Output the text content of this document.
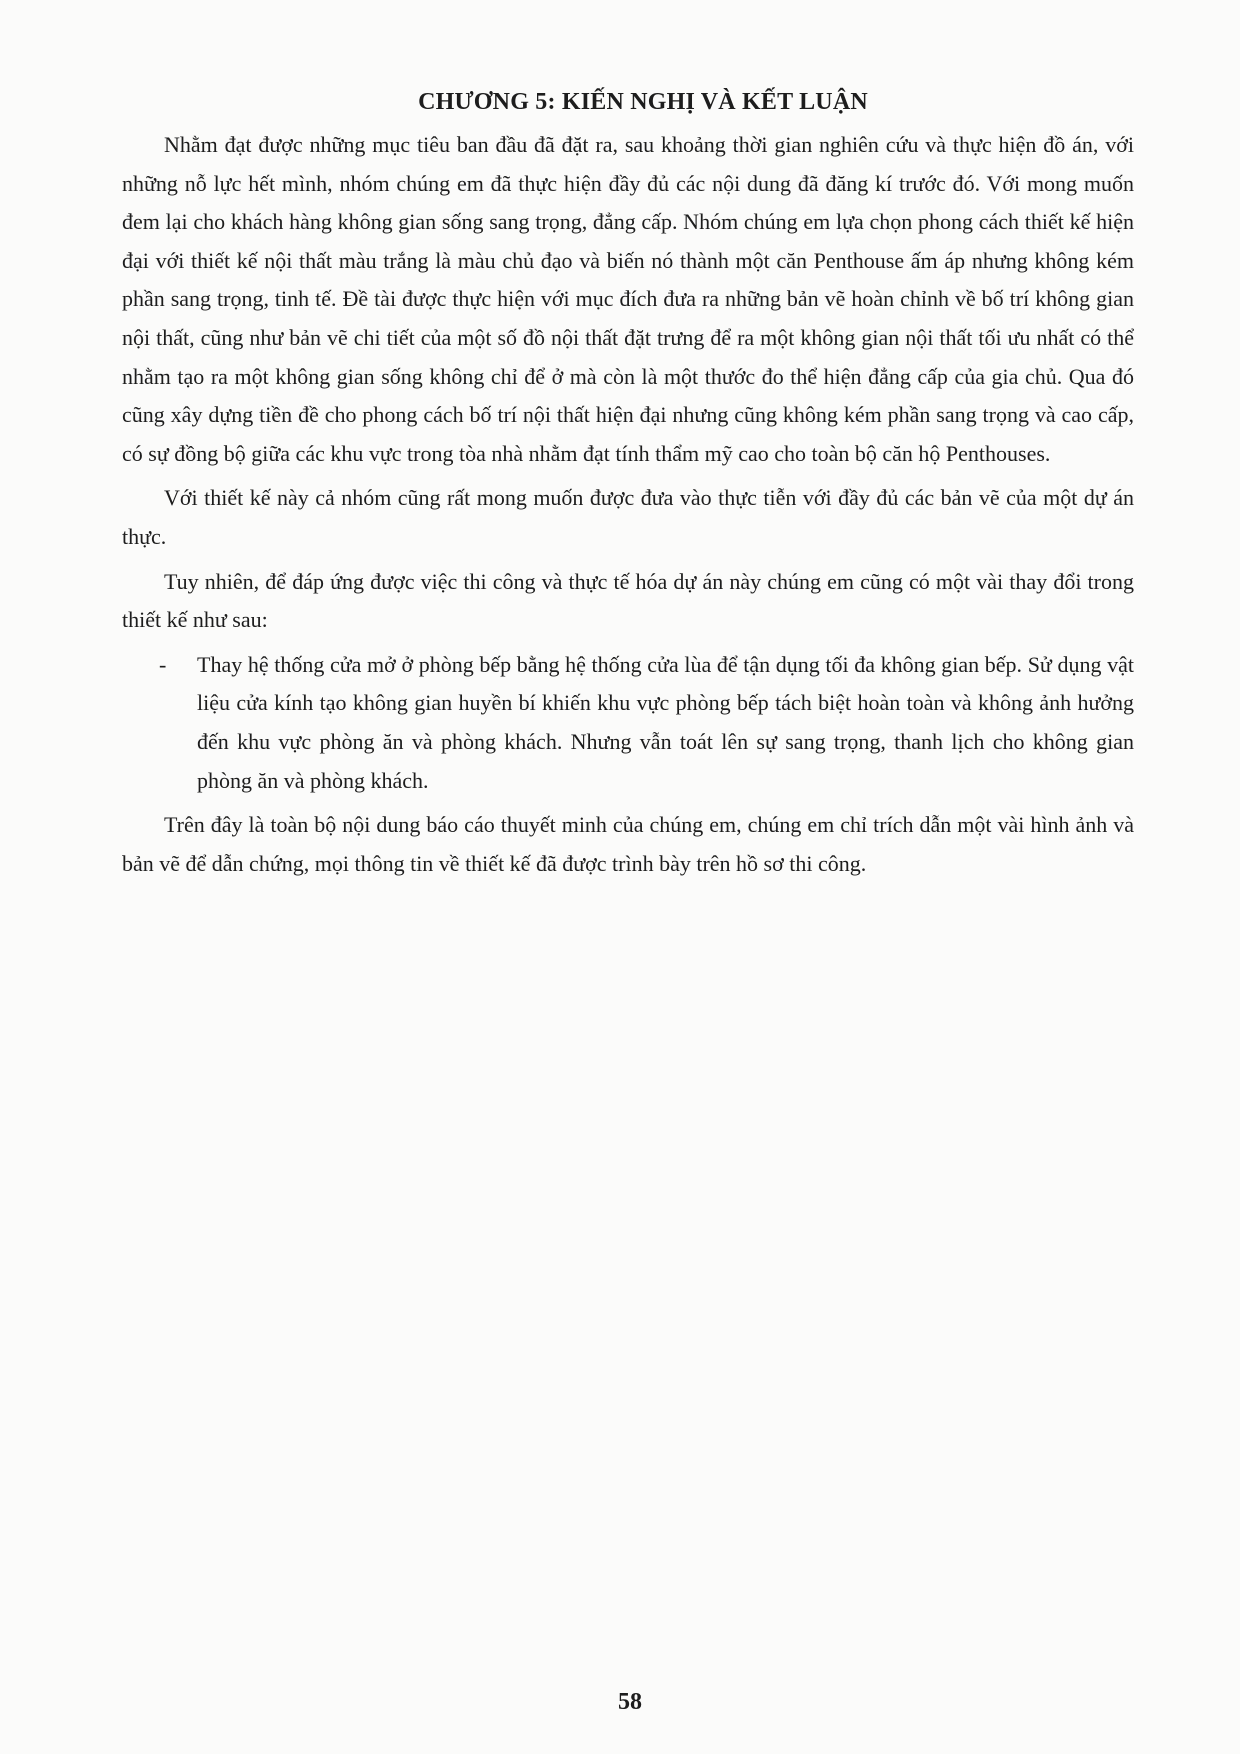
CHƯƠNG 5: KIẾN NGHỊ VÀ KẾT LUẬN

Nhằm đạt được những mục tiêu ban đầu đã đặt ra, sau khoảng thời gian nghiên cứu và thực hiện đồ án, với những nỗ lực hết mình, nhóm chúng em đã thực hiện đầy đủ các nội dung đã đăng kí trước đó. Với mong muốn đem lại cho khách hàng không gian sống sang trọng, đẳng cấp. Nhóm chúng em lựa chọn phong cách thiết kế hiện đại với thiết kế nội thất màu trắng là màu chủ đạo và biến nó thành một căn Penthouse ấm áp nhưng không kém phần sang trọng, tinh tế. Đề tài được thực hiện với mục đích đưa ra những bản vẽ hoàn chỉnh về bố trí không gian nội thất, cũng như bản vẽ chi tiết của một số đồ nội thất đặt trưng để ra một không gian nội thất tối ưu nhất có thể nhằm tạo ra một không gian sống không chỉ để ở mà còn là một thước đo thể hiện đẳng cấp của gia chủ. Qua đó cũng xây dựng tiền đề cho phong cách bố trí nội thất hiện đại nhưng cũng không kém phần sang trọng và cao cấp, có sự đồng bộ giữa các khu vực trong tòa nhà nhằm đạt tính thẩm mỹ cao cho toàn bộ căn hộ Penthouses.

Với thiết kế này cả nhóm cũng rất mong muốn được đưa vào thực tiễn với đầy đủ các bản vẽ của một dự án thực.

Tuy nhiên, để đáp ứng được việc thi công và thực tế hóa dự án này chúng em cũng có một vài thay đổi trong thiết kế như sau:

- Thay hệ thống cửa mở ở phòng bếp bằng hệ thống cửa lùa để tận dụng tối đa không gian bếp. Sử dụng vật liệu cửa kính tạo không gian huyền bí khiến khu vực phòng bếp tách biệt hoàn toàn và không ảnh hưởng đến khu vực phòng ăn và phòng khách. Nhưng vẫn toát lên sự sang trọng, thanh lịch cho không gian phòng ăn và phòng khách.

Trên đây là toàn bộ nội dung báo cáo thuyết minh của chúng em, chúng em chỉ trích dẫn một vài hình ảnh và bản vẽ để dẫn chứng, mọi thông tin về thiết kế đã được trình bày trên hồ sơ thi công.

58
